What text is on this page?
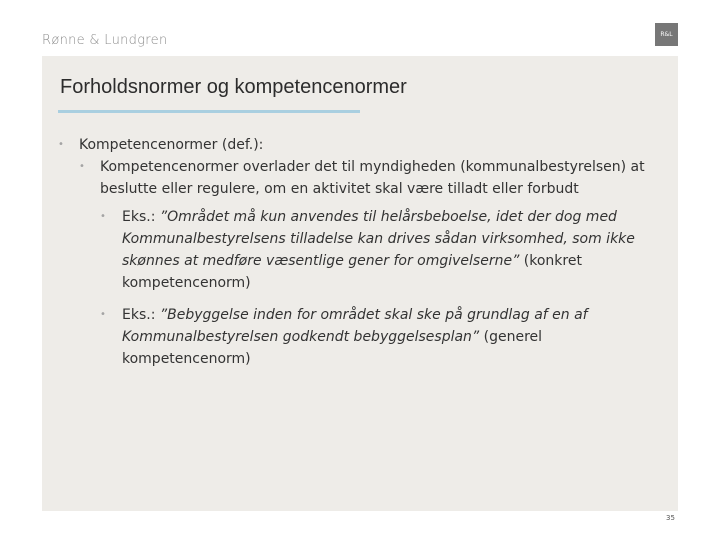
Rønne & Lundgren	R&L
Forholdsnormer og kompetencenormer
• Kompetencenormer (def.):
• Kompetencenormer overlader det til myndigheden (kommunalbestyrelsen) at beslutte eller regulere, om en aktivitet skal være tilladt eller forbudt
• Eks.: ”Området må kun anvendes til helårsbeboelse, idet der dog med Kommunalbestyrelsens tilladelse kan drives sådan virksomhed, som ikke skønnes at medføre væsentlige gener for omgivelserne” (konkret kompetencenorm)
• Eks.: ”Bebyggelse inden for området skal ske på grundlag af en af Kommunalbestyrelsen godkendt bebyggelsesplan” (generel kompetencenorm)
35
